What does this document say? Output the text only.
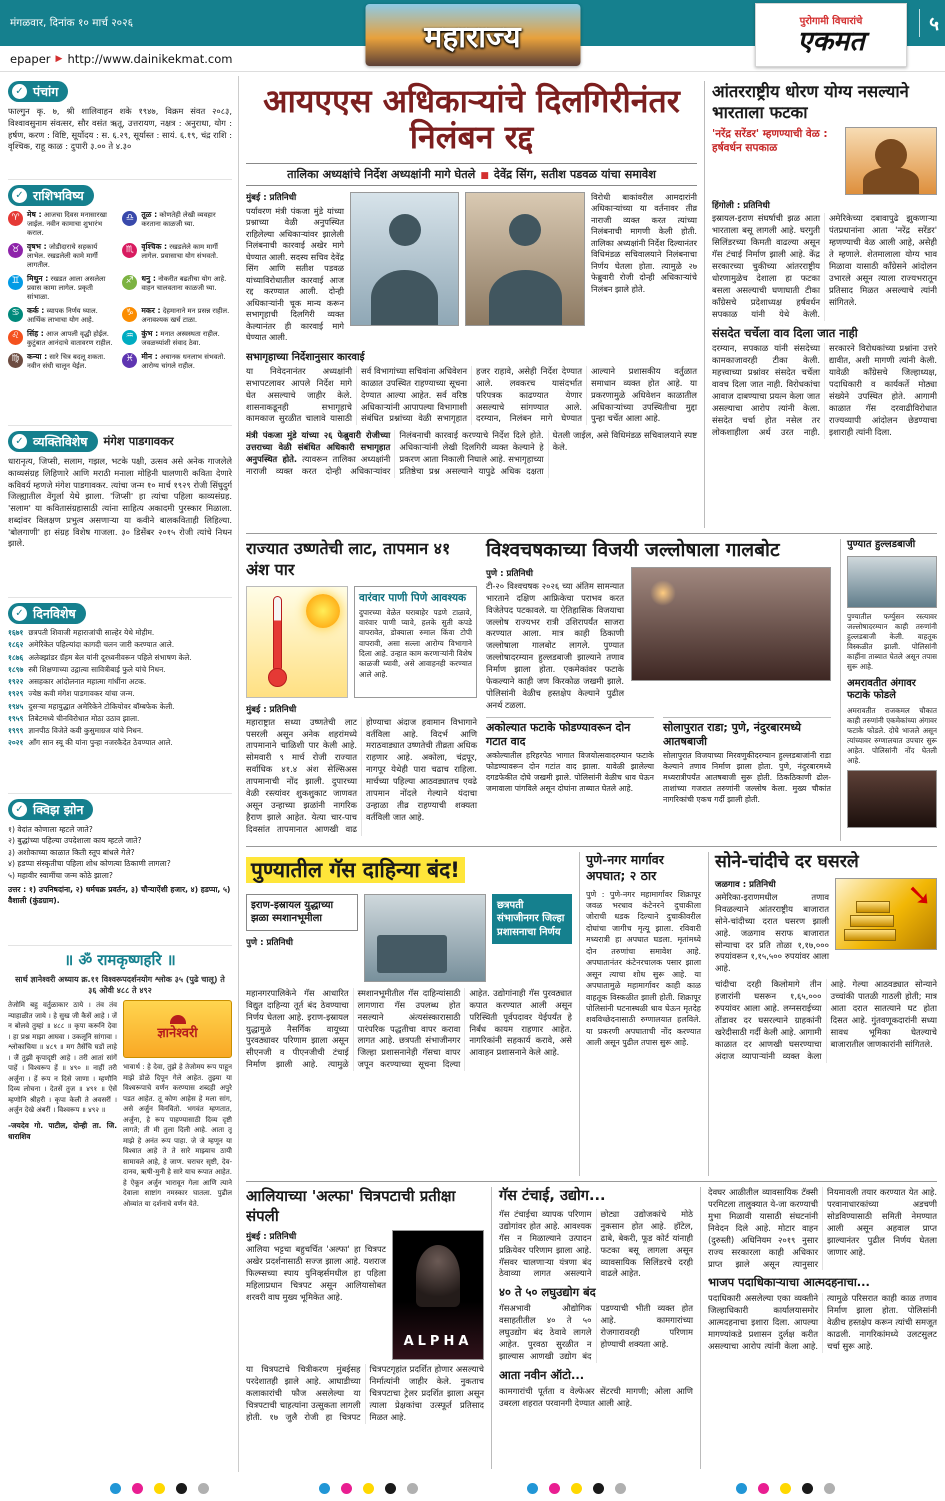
मंगळवार, दिनांक १० मार्च २०२६	५
epaper ▶ http://www.dainikekmat.com
महाराज्य	पुरोगामी विचारांचे
एकमत
✓ पंचांग

फाल्गुन कृ. ७, श्री शालिवाहन शके १९४७, विक्रम संवत २०८३, विश्वावसुनाम संवत्सर, सौर वसंत ऋतू, उत्तरायण, नक्षत्र : अनुराधा, योग : हर्षण, करण : विष्टि, सूर्योदय : स. ६.२९, सूर्यास्त : सायं. ६.१९, चंद्र राशि : वृश्चिक, राहू काळ : दुपारी ३.०० ते ४.३०

✓ राशिभविष्य
♈ मेष : आजचा दिवस मनासारखा जाईल. नवीन कामाचा शुभारंभ कराल.
♉ वृषभ : जोडीदाराचे सहकार्य लाभेल. रखडलेली कामे मार्गी लागतील.
♊ मिथुन : रखडत आला असलेला प्रवास कामा लागेल. प्रकृती सांभाळा.
♋ कर्क : व्यापक निर्णय घ्याल. आर्थिक लाभाचा योग आहे.
♌ सिंह : आज आपली वृद्धी होईल. कुटुंबात आनंदाचे वातावरण राहील.
♍ कन्या : सारे चित्र बदलू शकता. नवीन संधी चालून येईल.
♎ तूळ : कोणतेही लेखी व्यवहार करताना काळजी घ्या.
♏ वृश्चिक : रखडलेले काम मार्गी लागेल. प्रवासाचा योग संभवतो.
♐ धनु : नोकरीत बढतीचा योग आहे. वाहन चालवताना काळजी घ्या.
♑ मकर : देहमानाने मन प्रसन्न राहील. अनावश्यक खर्च टाळा.
♒ कुंभ : मनात अस्वस्थता राहील. जवळच्यांशी संवाद ठेवा.
♓ मीन : अचानक धनलाभ संभवतो. आरोग्य चांगले राहील.
✓ व्यक्तिविशेष मंगेश पाडगावकर

धारानृत्य, जिप्सी, सलाम, गझल, भटके पक्षी, उत्सव असे अनेक गाजलेले काव्यसंग्रह लिहिणारे आणि मराठी मनाला मोहिनी घालणारी कविता देणारे कविवर्य म्हणजे मंगेश पाडगावकर. त्यांचा जन्म १० मार्च १९२९ रोजी सिंधुदुर्ग जिल्ह्यातील वेंगुर्ला येथे झाला. 'जिप्सी' हा त्यांचा पहिला काव्यसंग्रह. 'सलाम' या कवितासंग्रहासाठी त्यांना साहित्य अकादमी पुरस्कार मिळाला. शब्दांवर विलक्षण प्रभुत्व असणाऱ्या या कवीने बालकविताही लिहिल्या. 'बोलगाणी' हा संग्रह विशेष गाजला. ३० डिसेंबर २०१५ रोजी त्यांचे निधन झाले.

✓ दिनविशेष
१६७१ छत्रपती शिवाजी महाराजांची साल्हेर येथे मोहीम.
१८६२ अमेरिकेत पहिल्यांदा कागदी चलन जारी करण्यात आले.
१८७६ अलेक्झांडर ग्रॅहम बेल यांनी दूरध्वनीवरून पहिले संभाषण केले.
१८९७ स्त्री शिक्षणाच्या उद्गात्या सावित्रीबाई फुले यांचे निधन.
१९२२ असहकार आंदोलनात महात्मा गांधींना अटक.
१९२९ ज्येष्ठ कवी मंगेश पाडगावकर यांचा जन्म.
१९४५ दुसऱ्या महायुद्धात अमेरिकेने टोकियोवर बॉम्बफेक केली.
१९५९ तिबेटमध्ये चीनविरोधात मोठा उठाव झाला.
१९९९ ज्ञानपीठ विजेते कवी कुसुमाग्रज यांचे निधन.
२०२१ आँग सान स्यू की यांना पुन्हा नजरकैदेत ठेवण्यात आले.
✓ क्विझ झोन
१) वेदांत कोणाला म्हटले जाते?
२) बुद्धांच्या पहिल्या उपदेशाला काय म्हटले जाते?
३) अशोकाच्या काळात किती स्तूप बांधले गेले?
४) हडप्पा संस्कृतीचा पहिला शोध कोणत्या ठिकाणी लागला?
५) महावीर स्वामींचा जन्म कोठे झाला?
उत्तर : १) उपनिषदांना, २) धर्मचक्र प्रवर्तन, ३) चौऱ्याऐंशी हजार, ४) हडप्पा, ५) वैशाली (कुंडग्राम).
॥ ॐ रामकृष्णहरि ॥
सार्थ ज्ञानेश्वरी अध्याय क्र.११ विश्वरूपदर्शनयोग श्लोक ३५ (पुढे चालू) ते ३६ ओवी ४८८ ते ४९२
तेजोमि बहु वर्तुळाकार ठाये । तंव तंव न्याहाळीत जाये । हे सुख जी कैसें आहे । जें न बोलवे तुम्हां ॥ ४८८ ॥ कृपा करूनि देवा । हा प्रश्न माझा आघवा । उकलूनि सांगावा । श्लोकाचिया ॥ ४८९ ॥ मग तैसेंचि घडों लाहे । जैं तुझी कृपादृष्टी आहे । तरी आतां सांगें पाहें । विश्वरूप हें ॥ ४९० ॥ नाहीं तरी अर्जुना । हें रूप न दिसे जाणा । म्हणौनि दिव्य लोचना । देतसें तुज ॥ ४९१ ॥ ऐसें म्हणोनि श्रीहरी । कृपा केली ते अवसरीं । अर्जुन देखे अंबरीं । विश्वरूप ॥ ४९२ ॥
-जयदेव गो. पाटील, दोन्ही ता. जि. धाराशिव
ज्ञानेश्वरी
भावार्थ : हे देवा, तुझे हे तेजोमय रूप पाहून माझे डोळे दिपून गेले आहेत. तुझ्या या विश्वरूपाचे वर्णन करण्यास शब्दही अपुरे पडत आहेत. तू कोण आहेस हे मला सांग, असे अर्जुन विनवितो. भगवंत म्हणतात, अर्जुना, हे रूप पाहण्यासाठी दिव्य दृष्टी लागते; ती मी तुला दिली आहे. आता तू माझे हे अनंत रूप पाहा. जे जे म्हणून या विश्वात आहे ते ते सारे माझ्याच ठायी सामावले आहे, हे जाण. चराचर सृष्टी, देव-दानव, ऋषी-मुनी हे सारे याच रूपात आहेत. हे ऐकून अर्जुन भारावून गेला आणि त्याने देवाला साष्टांग नमस्कार घातला. पुढील ओव्यांत या दर्शनाचे वर्णन येते.
आयएएस अधिकाऱ्यांचे दिलगिरीनंतर निलंबन रद्द
तालिका अध्यक्षांचे निर्देश अध्यक्षांनी मागे घेतले ■ देवेंद्र सिंग, सतीश पडवळ यांचा समावेश
मुंबई : प्रतिनिधी
पर्यावरण मंत्री पंकजा मुंडे यांच्या प्रश्नाच्या वेळी अनुपस्थित राहिलेल्या अधिकाऱ्यांवर झालेली निलंबनाची कारवाई अखेर मागे घेण्यात आली. सदस्य सचिव देवेंद्र सिंग आणि सतीश पडवळ यांच्याविरोधातील कारवाई आज रद्द करण्यात आली. दोन्ही अधिकाऱ्यांनी चूक मान्य करून सभागृहाची दिलगिरी व्यक्त केल्यानंतर ही कारवाई मागे घेण्यात आली.
विरोधी बाकांवरील आमदारांनी अधिकाऱ्यांच्या या वर्तनावर तीव्र नाराजी व्यक्त करत त्यांच्या निलंबनाची मागणी केली होती. तालिका अध्यक्षांनी निर्देश दिल्यानंतर विधिमंडळ सचिवालयाने निलंबनाचा निर्णय घेतला होता. त्यामुळे २७ फेब्रुवारी रोजी दोन्ही अधिकाऱ्यांचे निलंबन झाले होते.
सभागृहाच्या निर्देशानुसार कारवाई

या निवेदनानंतर अध्यक्षांनी सभापटलावर आपले निर्देश मागे घेत असल्याचे जाहीर केले. शासनाकडूनही सभागृहाचे कामकाज सुरळीत चालावे यासाठी सर्व विभागांच्या सचिवांना अधिवेशन काळात उपस्थित राहण्याच्या सूचना देण्यात आल्या आहेत. सर्व वरिष्ठ अधिकाऱ्यांनी आपापल्या विभागाशी संबंधित प्रश्नांच्या वेळी सभागृहात हजर राहावे, असेही निर्देश देण्यात आले. लवकरच यासंदर्भात परिपत्रक काढण्यात येणार असल्याचे सांगण्यात आले. दरम्यान, निलंबन मागे घेण्यात आल्याने प्रशासकीय वर्तुळात समाधान व्यक्त होत आहे. या प्रकरणामुळे अधिवेशन काळातील अधिकाऱ्यांच्या उपस्थितीचा मुद्दा पुन्हा चर्चेत आला आहे.

मंत्री पंकजा मुंडे यांच्या २६ फेब्रुवारी रोजीच्या उत्तराच्या वेळी संबंधित अधिकारी सभागृहात अनुपस्थित होते. त्यावरून तालिका अध्यक्षांनी नाराजी व्यक्त करत दोन्ही अधिकाऱ्यांवर निलंबनाची कारवाई करण्याचे निर्देश दिले होते. अधिकाऱ्यांनी लेखी दिलगिरी व्यक्त केल्याने हे प्रकरण आता निकाली निघाले आहे. सभागृहाच्या प्रतिष्ठेचा प्रश्न असल्याने यापुढे अधिक दक्षता घेतली जाईल, असे विधिमंडळ सचिवालयाने स्पष्ट केले.

आंतरराष्ट्रीय धोरण योग्य नसल्याने भारताला फटका
'नरेंद्र सरेंडर' म्हणण्याची वेळ : हर्षवर्धन सपकाळ
हिंगोली : प्रतिनिधी

इस्रायल-इराण संघर्षाची झळ आता भारताला बसू लागली आहे. घरगुती सिलिंडरच्या किमती वाढल्या असून गॅस टंचाई निर्माण झाली आहे. केंद्र सरकारच्या चुकीच्या आंतरराष्ट्रीय धोरणामुळेच देशाला हा फटका बसला असल्याची घणाघाती टीका काँग्रेसचे प्रदेशाध्यक्ष हर्षवर्धन सपकाळ यांनी येथे केली. अमेरिकेच्या दबावापुढे झुकणाऱ्या पंतप्रधानांना आता 'नरेंद्र सरेंडर' म्हणण्याची वेळ आली आहे, असेही ते म्हणाले. शेतमालाला योग्य भाव मिळावा यासाठी काँग्रेसने आंदोलन उभारले असून त्याला राज्यभरातून प्रतिसाद मिळत असल्याचे त्यांनी सांगितले.

संसदेत चर्चेला वाव दिला जात नाही

दरम्यान, सपकाळ यांनी संसदेच्या कामकाजावरही टीका केली. महत्त्वाच्या प्रश्नांवर संसदेत चर्चेला वावच दिला जात नाही. विरोधकांचा आवाज दाबण्याचा प्रयत्न केला जात असल्याचा आरोप त्यांनी केला. संसदेत चर्चा होत नसेल तर लोकशाहीला अर्थ उरत नाही. सरकारने विरोधकांच्या प्रश्नांना उत्तरे द्यावीत, अशी मागणी त्यांनी केली. यावेळी काँग्रेसचे जिल्हाध्यक्ष, पदाधिकारी व कार्यकर्ते मोठ्या संख्येने उपस्थित होते. आगामी काळात गॅस दरवाढीविरोधात राज्यव्यापी आंदोलन छेडण्याचा इशाराही त्यांनी दिला.

राज्यात उष्णतेची लाट, तापमान ४१ अंश पार
वारंवार पाणी पिणे आवश्यक
दुपारच्या वेळेत घराबाहेर पडणे टाळावे, वारंवार पाणी प्यावे, हलके सुती कपडे वापरावेत, डोक्याला रुमाल किंवा टोपी वापरावी, असा सल्ला आरोग्य विभागाने दिला आहे. उन्हात काम करणाऱ्यांनी विशेष काळजी घ्यावी, असे आवाहनही करण्यात आले आहे.
मुंबई : प्रतिनिधी

महाराष्ट्रात सध्या उष्णतेची लाट पसरली असून अनेक शहरांमध्ये तापमानाने चाळिशी पार केली आहे. सोमवारी ९ मार्च रोजी राज्यात सर्वाधिक ४१.४ अंश सेल्सिअस तापमानाची नोंद झाली. दुपारच्या वेळी रस्त्यांवर शुकशुकाट जाणवत असून उन्हाच्या झळांनी नागरिक हैराण झाले आहेत. येत्या चार-पाच दिवसांत तापमानात आणखी वाढ होण्याचा अंदाज हवामान विभागाने वर्तविला आहे. विदर्भ आणि मराठवाड्यात उष्णतेची तीव्रता अधिक राहणार आहे. अकोला, चंद्रपूर, नागपूर येथेही पारा चढाच राहिला. मार्चच्या पहिल्या आठवड्यातच एवढे तापमान नोंदले गेल्याने यंदाचा उन्हाळा तीव्र राहण्याची शक्यता वर्तविली जात आहे.

विश्वचषकाच्या विजयी जल्लोषाला गालबोट
पुणे : प्रतिनिधी

टी-२० विश्वचषक २०२६ च्या अंतिम सामन्यात भारताने दक्षिण आफ्रिकेचा पराभव करत विजेतेपद पटकावले. या ऐतिहासिक विजयाचा जल्लोष राज्यभर रात्री उशिरापर्यंत साजरा करण्यात आला. मात्र काही ठिकाणी जल्लोषाला गालबोट लागले. पुण्यात जल्लोषादरम्यान हुल्लडबाजी झाल्याने तणाव निर्माण झाला होता. एकमेकांवर फटाके फेकल्याने काही जण किरकोळ जखमी झाले. पोलिसांनी वेळीच हस्तक्षेप केल्याने पुढील अनर्थ टळला.

अकोल्यात फटाके फोडण्यावरून दोन गटात वाद
अकोल्यातील हरिहरपेठ भागात विजयोत्सवादरम्यान फटाके फोडण्यावरून दोन गटांत वाद झाला. यावेळी झालेल्या दगडफेकीत दोघे जखमी झाले. पोलिसांनी वेळीच धाव घेऊन जमावाला पांगविले असून दोघांना ताब्यात घेतले आहे.
सोलापुरात राडा; पुणे, नंदुरबारमध्ये आतषबाजी
सोलापुरात विजयाच्या मिरवणुकीदरम्यान हुल्लडबाजांनी राडा केल्याने तणाव निर्माण झाला होता. पुणे, नंदुरबारमध्ये मध्यरात्रीपर्यंत आतषबाजी सुरू होती. ठिकठिकाणी ढोल-ताशांच्या गजरात तरुणांनी जल्लोष केला. मुख्य चौकांत नागरिकांची एकच गर्दी झाली होती.
पुण्यात हुल्लडबाजी

पुण्यातील फर्ग्युसन रस्त्यावर जल्लोषादरम्यान काही तरुणांनी हुल्लडबाजी केली. वाहतूक विस्कळीत झाली. पोलिसांनी काहींना ताब्यात घेतले असून तपास सुरू आहे.

अमरावतीत अंगावर फटाके फोडले

अमरावतीत राजकमल चौकात काही तरुणांनी एकमेकांच्या अंगावर फटाके फोडले. दोघे भाजले असून त्यांच्यावर रुग्णालयात उपचार सुरू आहेत. पोलिसांनी नोंद घेतली आहे.

पुण्यातील गॅस दाहिन्या बंद!
इराण-इस्रायल युद्धाच्या झळा स्मशानभूमीला
पुणे : प्रतिनिधी
छत्रपती संभाजीनगर जिल्हा प्रशासनाचा निर्णय

महानगरपालिकेने गॅस आधारित विद्युत दाहिन्या तूर्त बंद ठेवण्याचा निर्णय घेतला आहे. इराण-इस्रायल युद्धामुळे नैसर्गिक वायूच्या पुरवठ्यावर परिणाम झाला असून सीएनजी व पीएनजीची टंचाई निर्माण झाली आहे. त्यामुळे स्मशानभूमीतील गॅस दाहिन्यांसाठी लागणारा गॅस उपलब्ध होत नसल्याने अंत्यसंस्कारासाठी पारंपरिक पद्धतीचा वापर करावा लागत आहे. छत्रपती संभाजीनगर जिल्हा प्रशासनानेही गॅसचा वापर जपून करण्याच्या सूचना दिल्या आहेत. उद्योगांनाही गॅस पुरवठ्यात कपात करण्यात आली असून परिस्थिती पूर्वपदावर येईपर्यंत हे निर्बंध कायम राहणार आहेत. नागरिकांनी सहकार्य करावे, असे आवाहन प्रशासनाने केले आहे.

पुणे-नगर मार्गावर अपघात; २ ठार

पुणे : पुणे-नगर महामार्गावर शिक्रापूर जवळ भरधाव कंटेनरने दुचाकीला जोराची धडक दिल्याने दुचाकीवरील दोघांचा जागीच मृत्यू झाला. रविवारी मध्यरात्री हा अपघात घडला. मृतांमध्ये दोन तरुणांचा समावेश आहे. अपघातानंतर कंटेनरचालक पसार झाला असून त्याचा शोध सुरू आहे. या अपघातामुळे महामार्गावर काही काळ वाहतूक विस्कळीत झाली होती. शिक्रापूर पोलिसांनी घटनास्थळी धाव घेऊन मृतदेह शवविच्छेदनासाठी रुग्णालयात हलविले. या प्रकरणी अपघाताची नोंद करण्यात आली असून पुढील तपास सुरू आहे.

सोने-चांदीचे दर घसरले
जळगाव : प्रतिनिधी

अमेरिका-इराणमधील तणाव निवळल्याने आंतरराष्ट्रीय बाजारात सोने-चांदीच्या दरात घसरण झाली आहे. जळगाव सराफ बाजारात सोन्याचा दर प्रति तोळा १,१७,००० रुपयांवरून १,१५,५०० रुपयांवर आला आहे.

➘

चांदीचा दरही किलोमागे तीन हजारांनी घसरून १,६५,००० रुपयांवर आला आहे. लग्नसराईच्या तोंडावर दर घसरल्याने ग्राहकांनी खरेदीसाठी गर्दी केली आहे. आगामी काळात दर आणखी घसरण्याचा अंदाज व्यापाऱ्यांनी व्यक्त केला आहे. गेल्या आठवड्यात सोन्याने उच्चांकी पातळी गाठली होती; मात्र आता दरात सातत्याने घट होता दिसत आहे. गुंतवणूकदारांनी सध्या सावध भूमिका घेतल्याचे बाजारातील जाणकारांनी सांगितले.

आलियाच्या 'अल्फा' चित्रपटाची प्रतीक्षा संपली
मुंबई : प्रतिनिधी

आलिया भट्टचा बहुचर्चित 'अल्फा' हा चित्रपट अखेर प्रदर्शनासाठी सज्ज झाला आहे. यशराज फिल्म्सच्या स्पाय युनिव्हर्समधील हा पहिला महिलाप्रधान चित्रपट असून आलियासोबत शरवरी वाघ मुख्य भूमिकेत आहे.

ALPHA

या चित्रपटाचे चित्रीकरण मुंबईसह परदेशातही झाले आहे. आघाडीच्या कलाकारांची फौज असलेल्या या चित्रपटाची चाहत्यांना उत्सुकता लागली होती. १७ जुलै रोजी हा चित्रपट चित्रपटगृहांत प्रदर्शित होणार असल्याचे निर्मात्यांनी जाहीर केले. नुकताच चित्रपटाचा ट्रेलर प्रदर्शित झाला असून त्याला प्रेक्षकांचा उत्स्फूर्त प्रतिसाद मिळत आहे.

गॅस टंचाई, उद्योग...

गॅस टंचाईचा व्यापक परिणाम उद्योगांवर होत आहे. आवश्यक गॅस न मिळाल्याने उत्पादन प्रक्रियेवर परिणाम झाला आहे. गॅसवर चालणाऱ्या यंत्रणा बंद ठेवाव्या लागत असल्याने छोट्या उद्योजकांचे मोठे नुकसान होत आहे. हॉटेल, ढाबे, बेकरी, फूड कोर्ट यांनाही फटका बसू लागला असून व्यावसायिक सिलिंडरचे दरही वाढले आहेत.

४० ते ५० लघुउद्योग बंद

गॅसअभावी औद्योगिक वसाहतीतील ४० ते ५० लघुउद्योग बंद ठेवावे लागले आहेत. पुरवठा सुरळीत न झाल्यास आणखी उद्योग बंद पडण्याची भीती व्यक्त होत आहे. कामगारांच्या रोजगारावरही परिणाम होण्याची शक्यता आहे.

आता नवीन ऑटो...

कामगारांची पूर्तता व वेल्फेअर सेंटरची मागणी; ओला आणि उबरला शहरात परवानगी देण्यात आली आहे.

देवघर आळीतील व्यावसायिक टॅक्सी परमिटला तालुक्यात ये-जा करण्याची मुभा मिळावी यासाठी संघटनांनी निवेदन दिले आहे. मोटार वाहन (दुरुस्ती) अधिनियम २०१९ नुसार राज्य सरकारला काही अधिकार प्राप्त झाले असून त्यानुसार नियमावली तयार करण्यात येत आहे. परवानाधारकांच्या अडचणी सोडविण्यासाठी समिती नेमण्यात आली असून अहवाल प्राप्त झाल्यानंतर पुढील निर्णय घेतला जाणार आहे.

भाजप पदाधिकाऱ्याचा आत्मदहनाचा...

पदाधिकारी असलेल्या एका व्यक्तीने जिल्हाधिकारी कार्यालयासमोर आत्मदहनाचा इशारा दिला. आपल्या मागण्यांकडे प्रशासन दुर्लक्ष करीत असल्याचा आरोप त्यांनी केला आहे. त्यामुळे परिसरात काही काळ तणाव निर्माण झाला होता. पोलिसांनी वेळीच हस्तक्षेप करून त्यांची समजूत काढली. नागरिकांमध्ये उलटसुलट चर्चा सुरू आहे.
